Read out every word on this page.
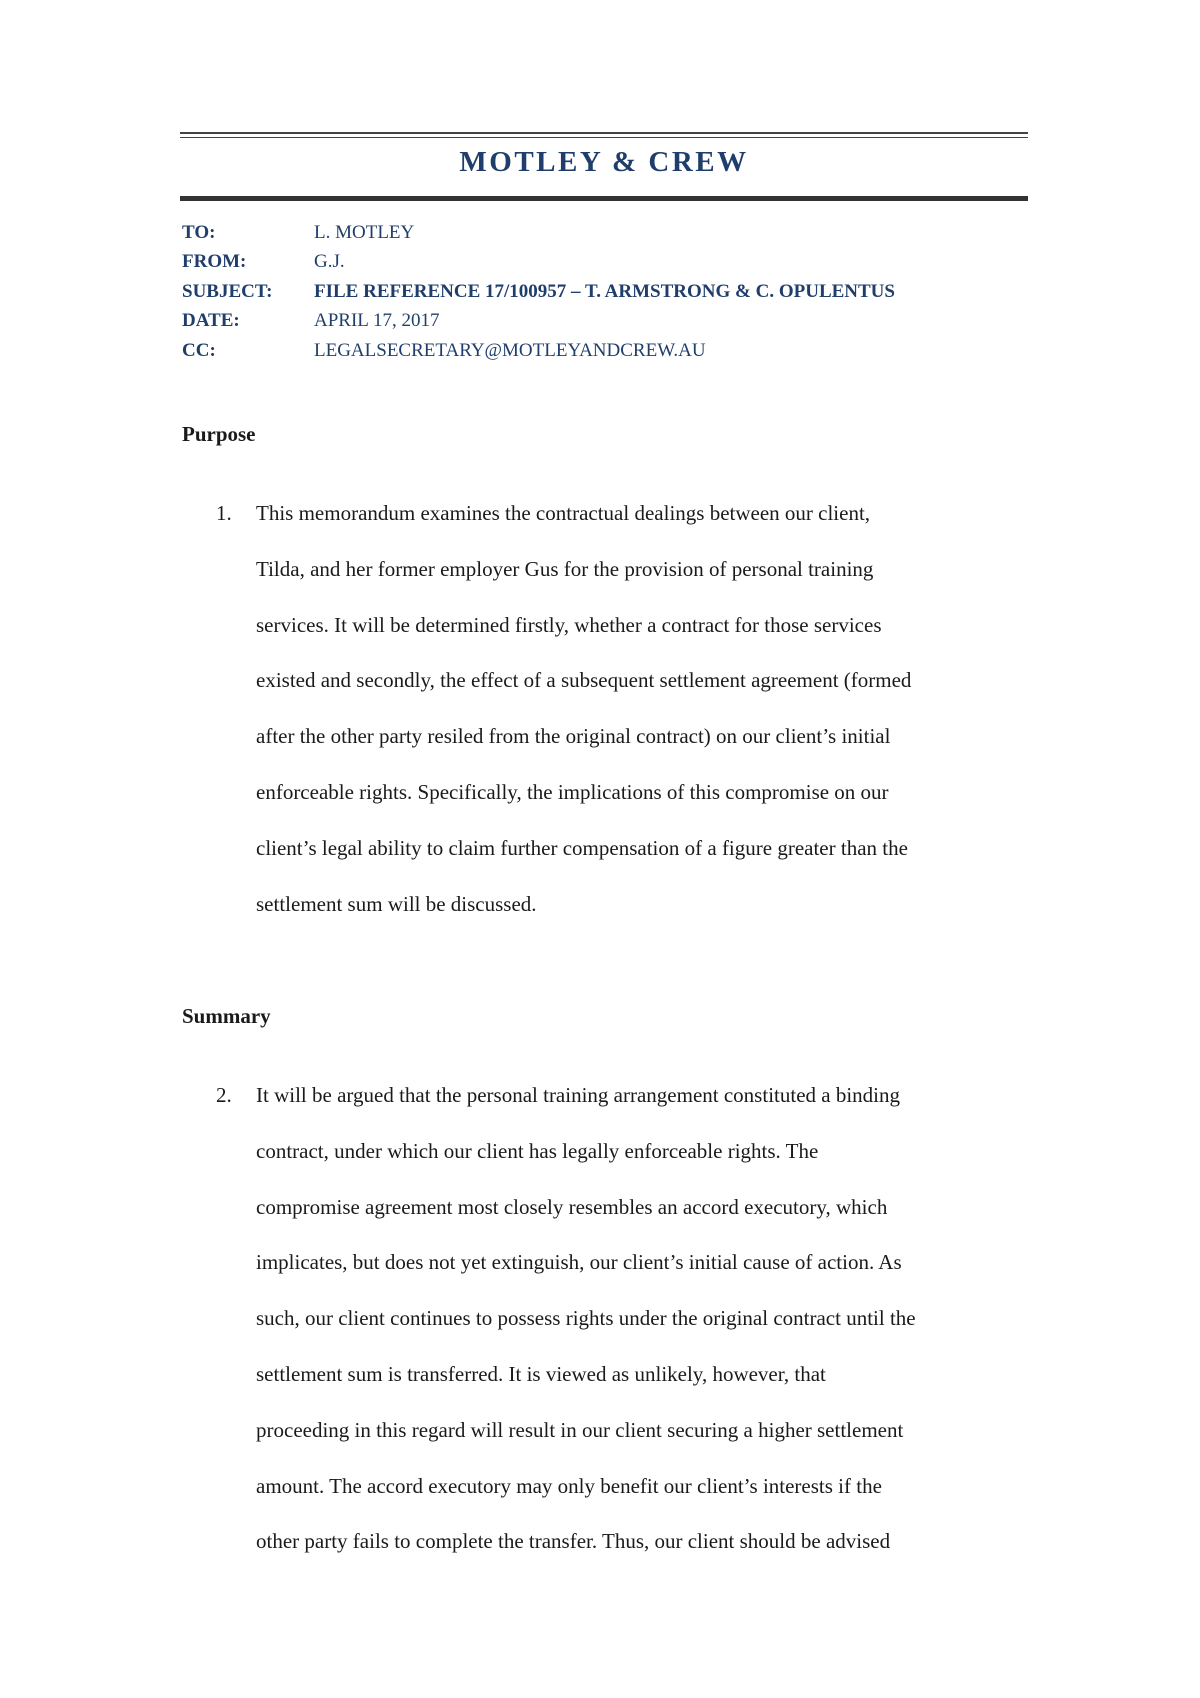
MOTLEY & CREW
TO:	L. MOTLEY
FROM:	G.J.
SUBJECT: FILE REFERENCE 17/100957 – T. ARMSTRONG & C. OPULENTUS
DATE:	APRIL 17, 2017
CC:	LEGALSECRETARY@MOTLEYANDCREW.AU
Purpose
1. This memorandum examines the contractual dealings between our client,
Tilda, and her former employer Gus for the provision of personal training
services. It will be determined firstly, whether a contract for those services
existed and secondly, the effect of a subsequent settlement agreement (formed
after the other party resiled from the original contract) on our client’s initial
enforceable rights. Specifically, the implications of this compromise on our
client’s legal ability to claim further compensation of a figure greater than the
settlement sum will be discussed.
Summary
2. It will be argued that the personal training arrangement constituted a binding
contract, under which our client has legally enforceable rights. The
compromise agreement most closely resembles an accord executory, which
implicates, but does not yet extinguish, our client’s initial cause of action. As
such, our client continues to possess rights under the original contract until the
settlement sum is transferred. It is viewed as unlikely, however, that
proceeding in this regard will result in our client securing a higher settlement
amount. The accord executory may only benefit our client’s interests if the
other party fails to complete the transfer. Thus, our client should be advised
